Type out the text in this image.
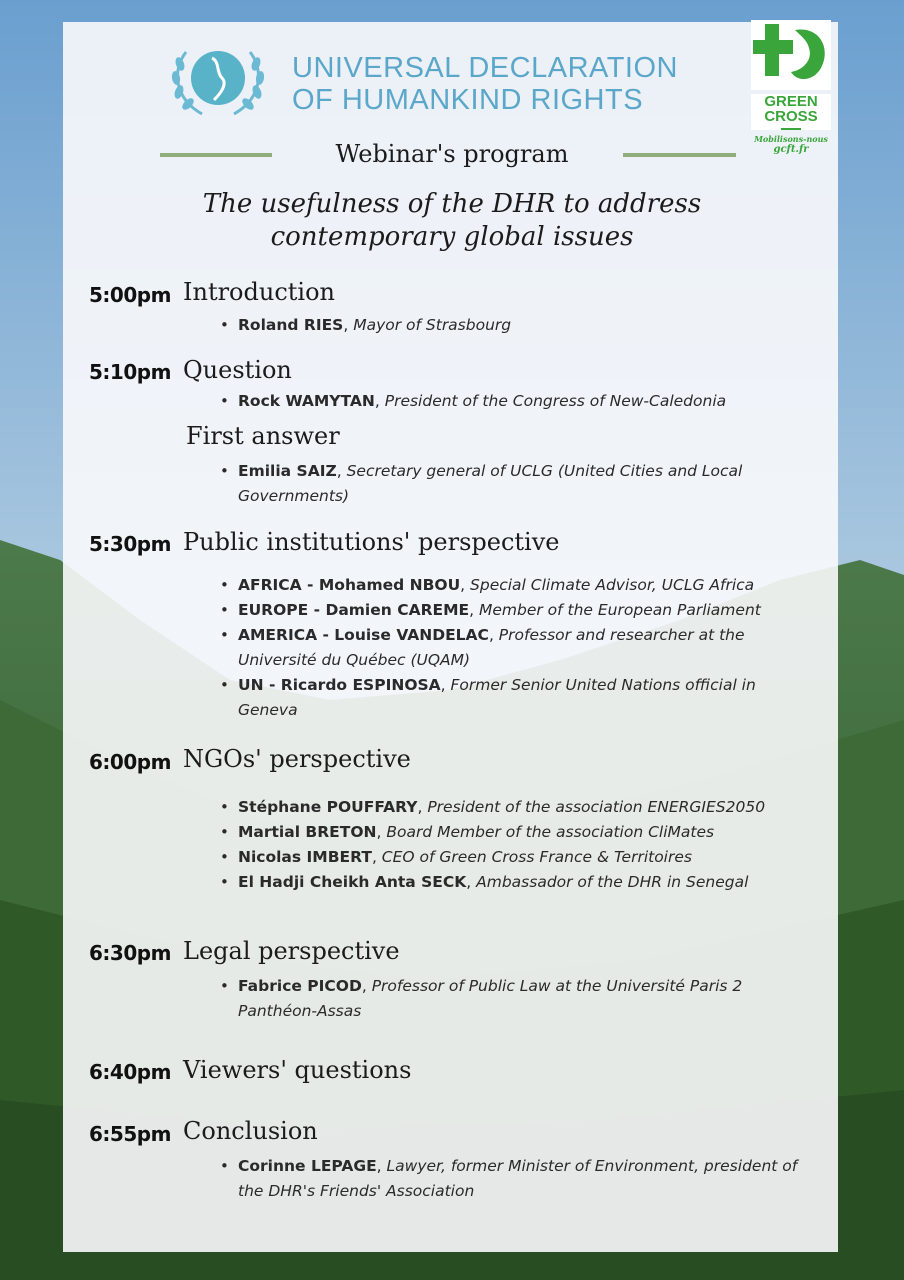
UNIVERSAL DECLARATION
OF HUMANKIND RIGHTS	GREEN
CROSS
Mobilisons-nous
gcft.fr
Webinar's program
The usefulness of the DHR to address
contemporary global issues
5:00pm Introduction
• Roland RIES, Mayor of Strasbourg
5:10pm Question
• Rock WAMYTAN, President of the Congress of New-Caledonia
First answer
• Emilia SAIZ, Secretary general of UCLG (United Cities and Local Governments)
5:30pm Public institutions' perspective
• AFRICA - Mohamed NBOU, Special Climate Advisor, UCLG Africa
• EUROPE - Damien CAREME, Member of the European Parliament
• AMERICA - Louise VANDELAC, Professor and researcher at the Université du Québec (UQAM)
• UN - Ricardo ESPINOSA, Former Senior United Nations official in Geneva
6:00pm NGOs' perspective
• Stéphane POUFFARY, President of the association ENERGIES2050
• Martial BRETON, Board Member of the association CliMates
• Nicolas IMBERT, CEO of Green Cross France & Territoires
• El Hadji Cheikh Anta SECK, Ambassador of the DHR in Senegal
6:30pm Legal perspective
• Fabrice PICOD, Professor of Public Law at the Université Paris 2 Panthéon-Assas
6:40pm Viewers' questions
6:55pm Conclusion
• Corinne LEPAGE, Lawyer, former Minister of Environment, president of the DHR's Friends' Association
